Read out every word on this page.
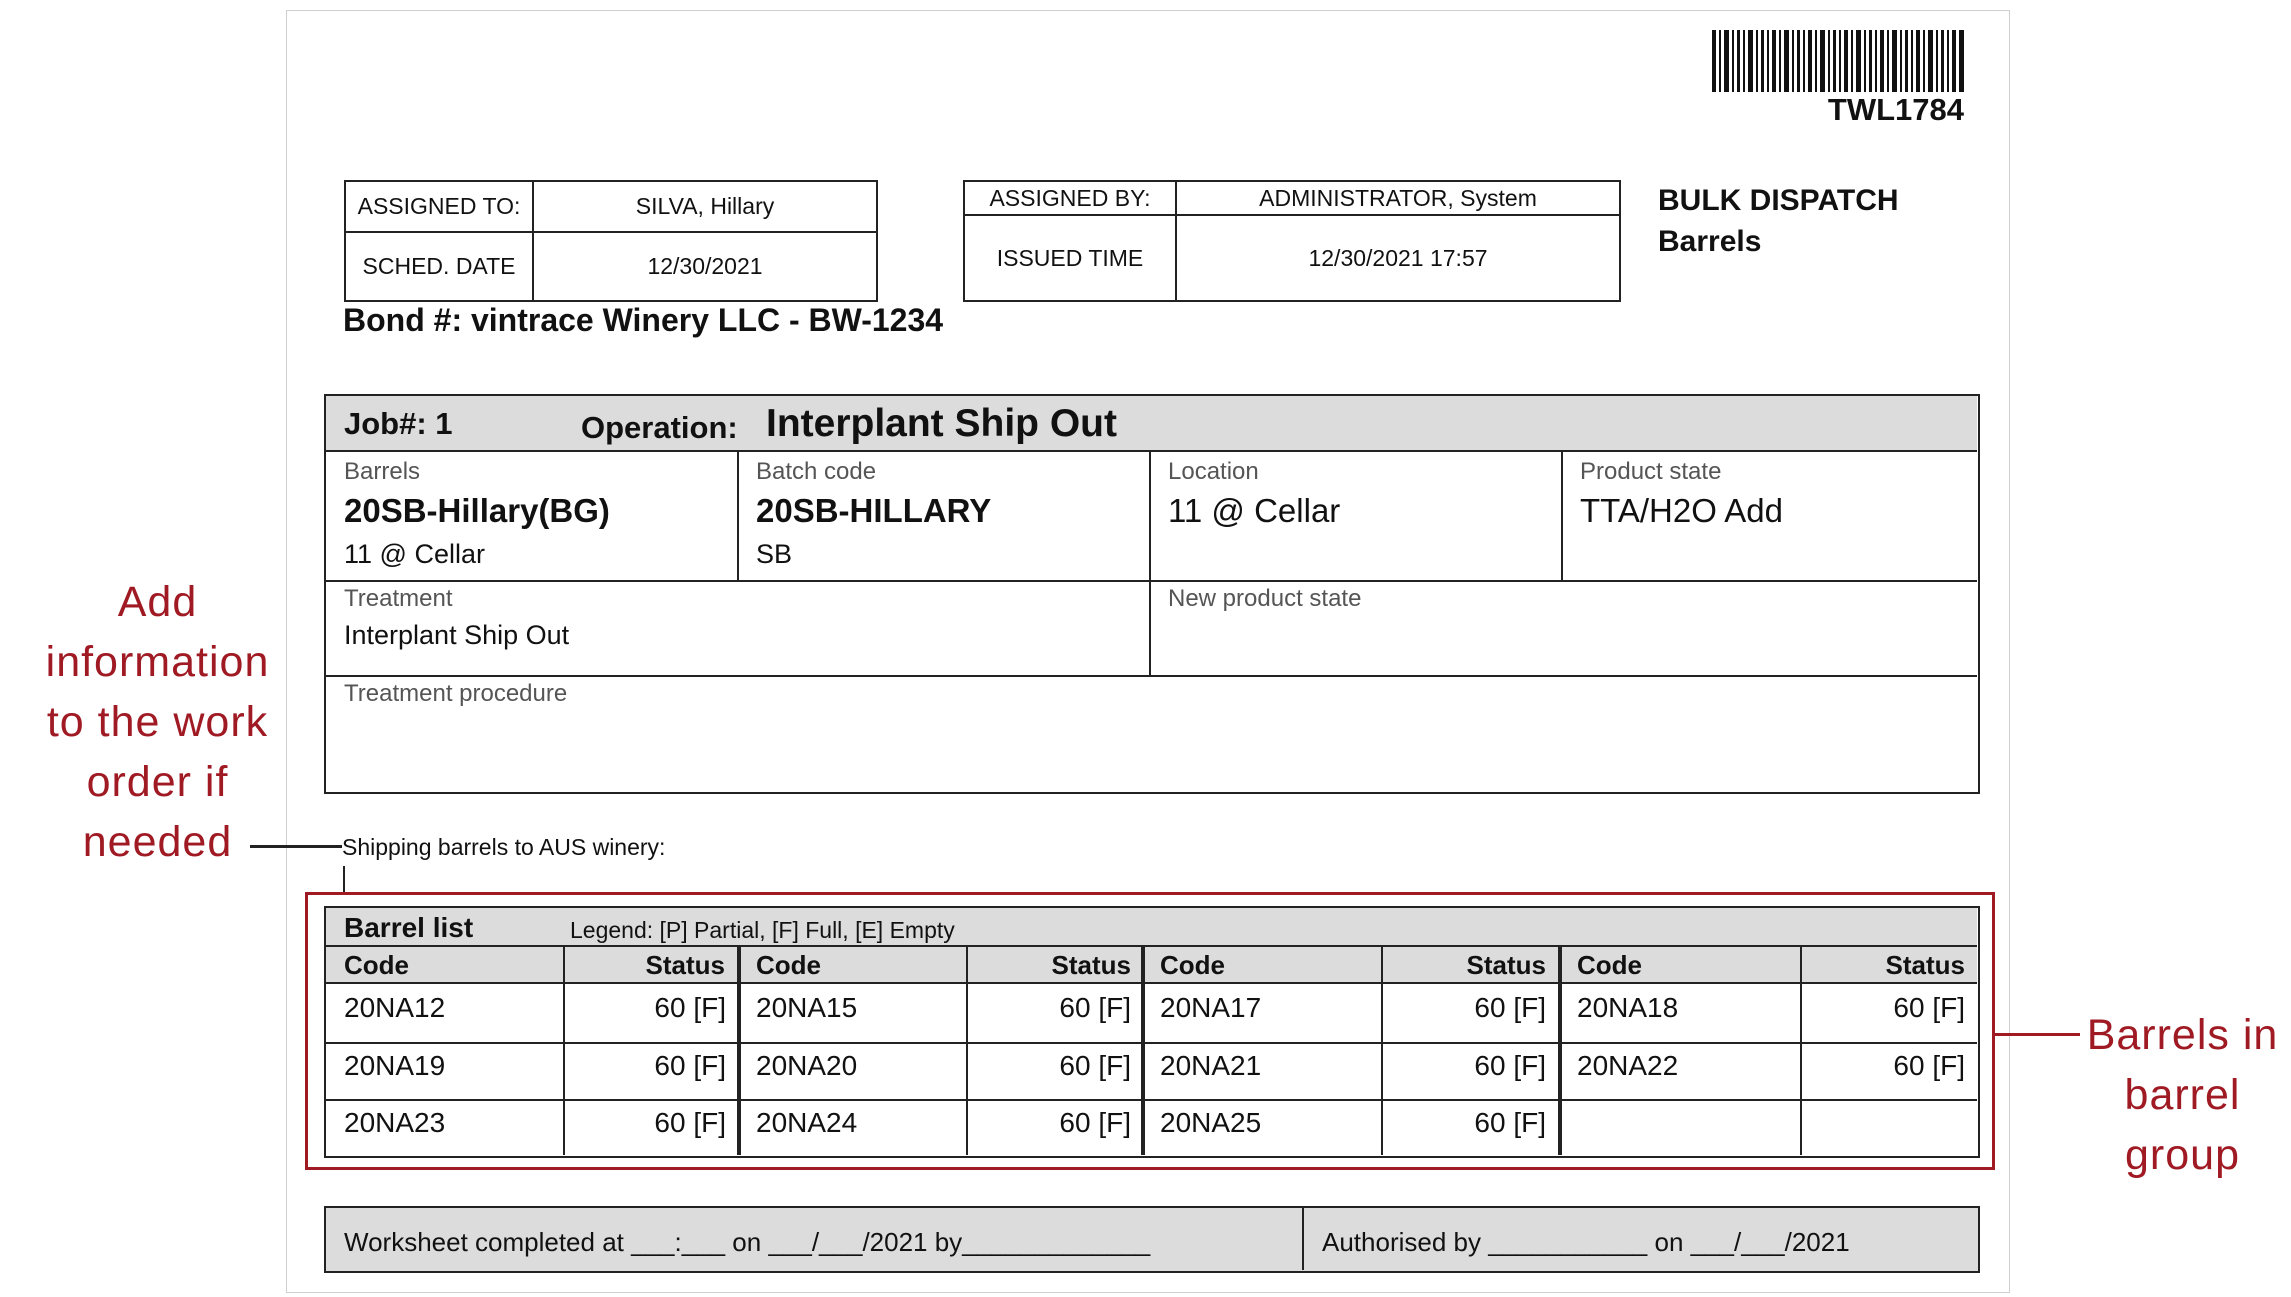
TWL1784
ASSIGNED TO:	SILVA, Hillary
SCHED. DATE	12/30/2021
ASSIGNED BY:	ADMINISTRATOR, System
ISSUED TIME	12/30/2021 17:57
BULK DISPATCH
Barrels
Bond #: vintrace Winery LLC - BW-1234
Job#: 1	Operation: Interplant Ship Out
Barrels
20SB-Hillary(BG)
11 @ Cellar
Batch code
20SB-HILLARY
SB
Location
11 @ Cellar
Product state
TTA/H2O Add
Treatment
Interplant Ship Out
New product state
Treatment procedure
Shipping barrels to AUS winery:
Barrel list	Legend: [P] Partial, [F] Full, [E] Empty
Code	Status Code	Status Code	Status Code	Status
20NA12	60 [F] 20NA15	60 [F] 20NA17	60 [F] 20NA18	60 [F]
20NA19	60 [F] 20NA20	60 [F] 20NA21	60 [F] 20NA22	60 [F]
20NA23	60 [F] 20NA24	60 [F] 20NA25	60 [F]
Worksheet completed at ___:___ on ___/___/2021 by_____________	Authorised by ___________ on ___/___/2021
Add
information
to the work
order if
needed
Barrels in
barrel
group
